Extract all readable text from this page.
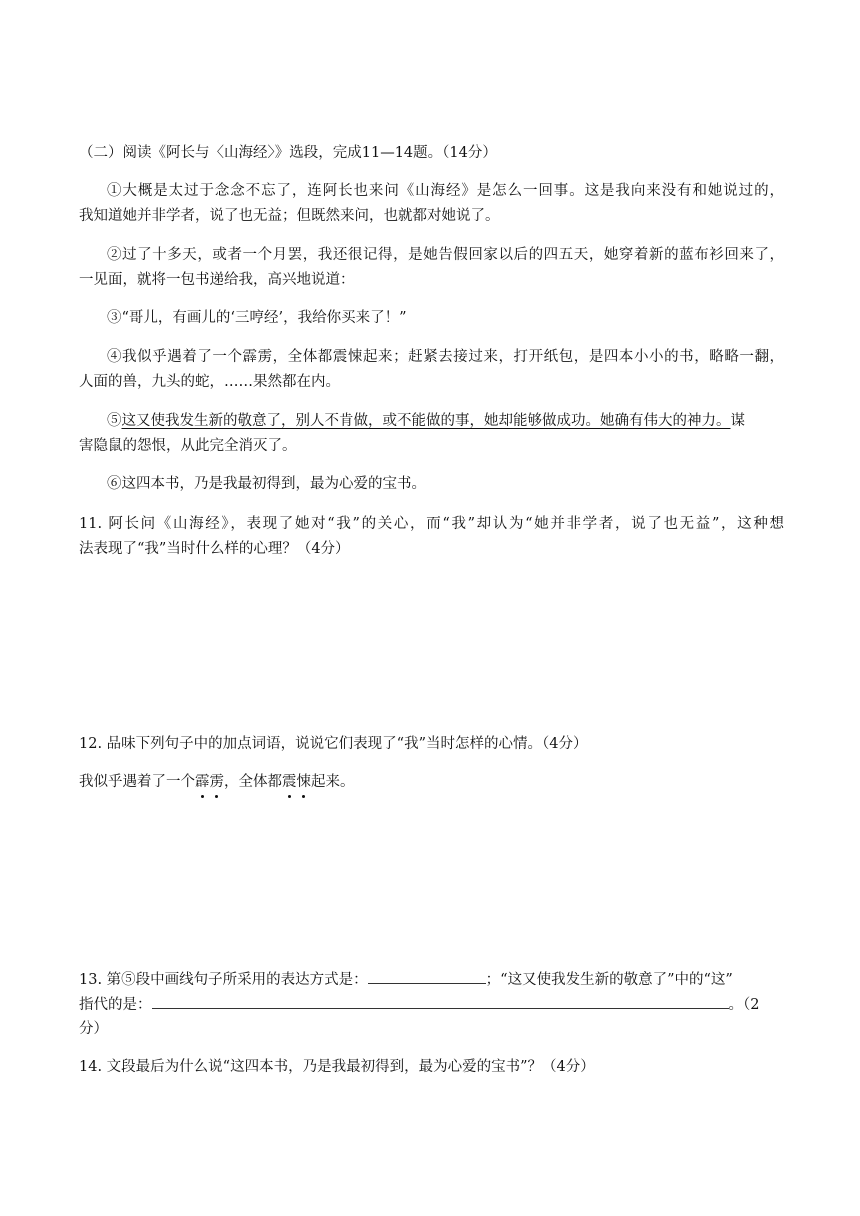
（二）阅读《阿长与〈山海经〉》选段，完成11—14题。（14分）
①大概是太过于念念不忘了，连阿长也来问《山海经》是怎么一回事。这是我向来没有和她说过的，
我知道她并非学者，说了也无益；但既然来问，也就都对她说了。
②过了十多天，或者一个月罢，我还很记得，是她告假回家以后的四五天，她穿着新的蓝布衫回来了，
一见面，就将一包书递给我，高兴地说道：
③“哥儿，有画儿的‘三哼经’，我给你买来了！”
④我似乎遇着了一个霹雳，全体都震悚起来；赶紧去接过来，打开纸包，是四本小小的书，略略一翻，
人面的兽，九头的蛇，……果然都在内。
⑤这又使我发生新的敬意了，别人不肯做，或不能做的事，她却能够做成功。她确有伟大的神力。谋
害隐鼠的怨恨，从此完全消灭了。
⑥这四本书，乃是我最初得到，最为心爱的宝书。
11. 阿长问《山海经》，表现了她对“我”的关心，而“我”却认为“她并非学者，说了也无益”，这种想
法表现了“我”当时什么样的心理？（4分）
12. 品味下列句子中的加点词语，说说它们表现了“我”当时怎样的心情。（4分）
我似乎遇着了一个霹雳，全体都震悚起来。
13. 第⑤段中画线句子所采用的表达方式是：	；“这又使我发生新的敬意了”中的“这”
指代的是：	。（2
分）
14. 文段最后为什么说“这四本书，乃是我最初得到，最为心爱的宝书”？（4分）
